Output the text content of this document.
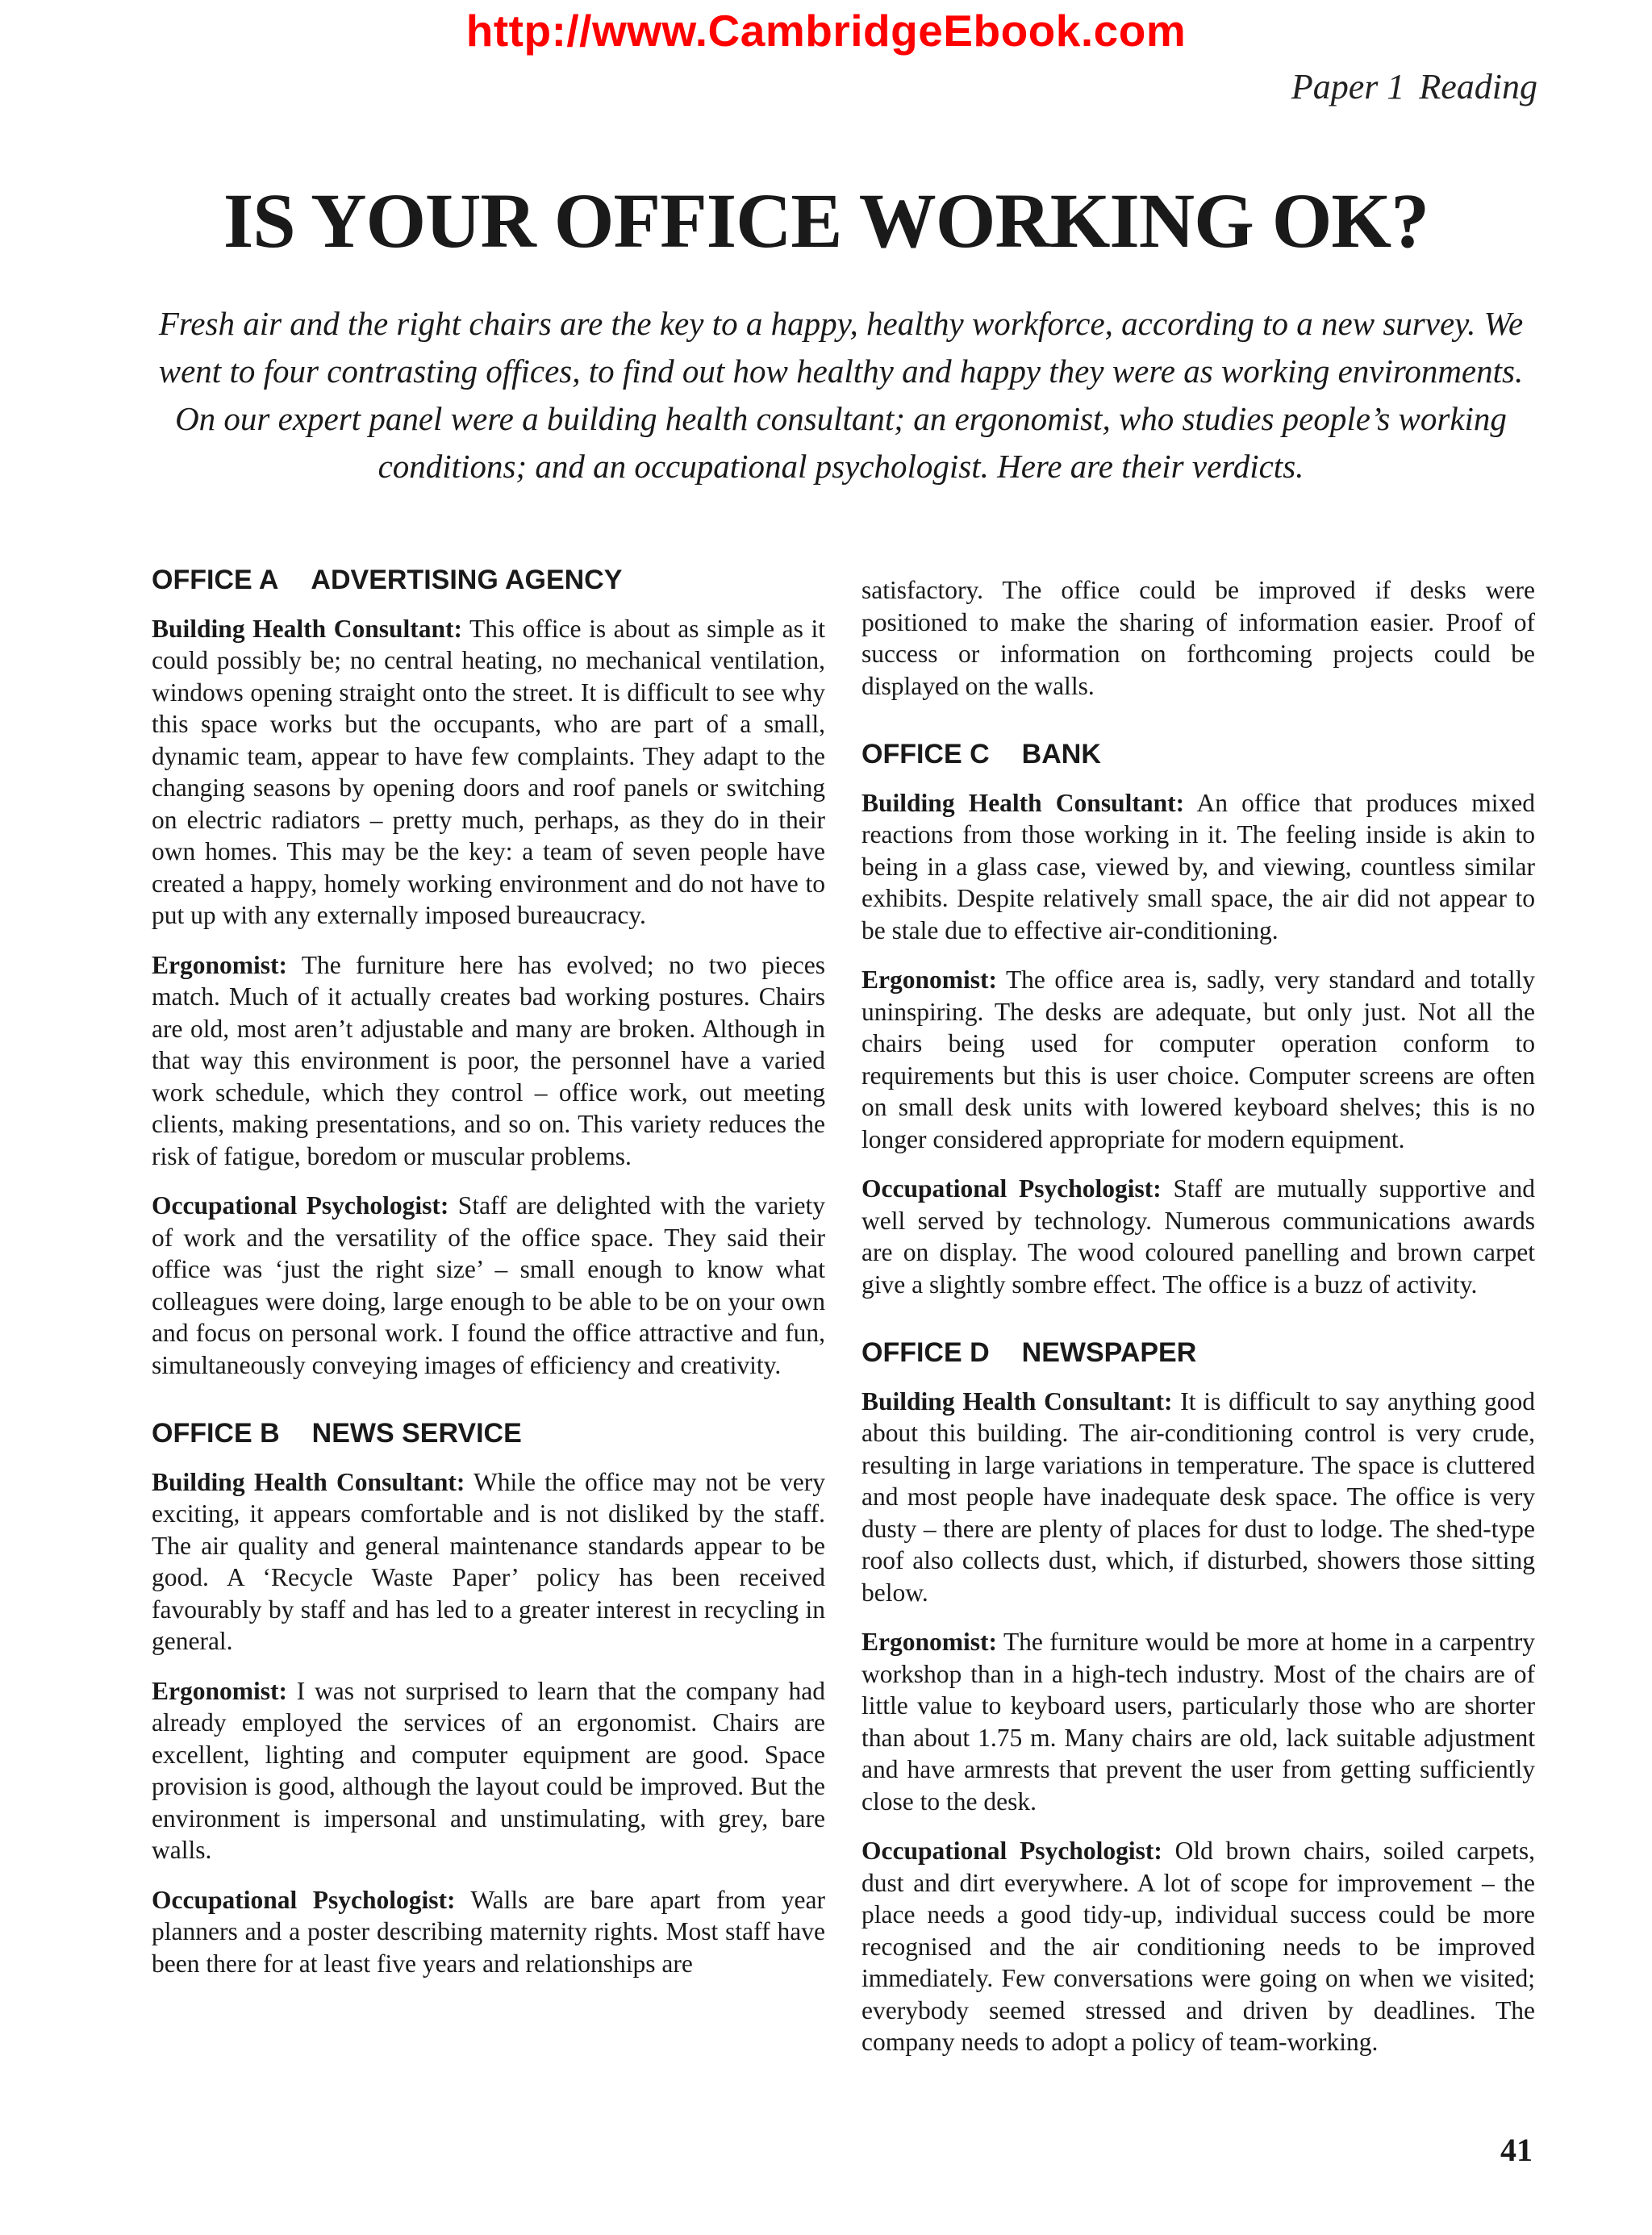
http://www.CambridgeEbook.com
Paper 1 Reading
IS YOUR OFFICE WORKING OK?
Fresh air and the right chairs are the key to a happy, healthy workforce, according to a new survey. We went to four contrasting offices, to find out how healthy and happy they were as working environments. On our expert panel were a building health consultant; an ergonomist, who studies people’s working conditions; and an occupational psychologist. Here are their verdicts.
OFFICE A ADVERTISING AGENCY

Building Health Consultant: This office is about as simple as it could possibly be; no central heating, no mechanical ventilation, windows opening straight onto the street. It is difficult to see why this space works but the occupants, who are part of a small, dynamic team, appear to have few complaints. They adapt to the changing seasons by opening doors and roof panels or switching on electric radiators – pretty much, perhaps, as they do in their own homes. This may be the key: a team of seven people have created a happy, homely working environment and do not have to put up with any externally imposed bureaucracy.

Ergonomist: The furniture here has evolved; no two pieces match. Much of it actually creates bad working postures. Chairs are old, most aren’t adjustable and many are broken. Although in that way this environment is poor, the personnel have a varied work schedule, which they control – office work, out meeting clients, making presentations, and so on. This variety reduces the risk of fatigue, boredom or muscular problems.

Occupational Psychologist: Staff are delighted with the variety of work and the versatility of the office space. They said their office was ‘just the right size’ – small enough to know what colleagues were doing, large enough to be able to be on your own and focus on personal work. I found the office attractive and fun, simultaneously conveying images of efficiency and creativity.

OFFICE B NEWS SERVICE

Building Health Consultant: While the office may not be very exciting, it appears comfortable and is not disliked by the staff. The air quality and general maintenance standards appear to be good. A ‘Recycle Waste Paper’ policy has been received favourably by staff and has led to a greater interest in recycling in general.

Ergonomist: I was not surprised to learn that the company had already employed the services of an ergonomist. Chairs are excellent, lighting and computer equipment are good. Space provision is good, although the layout could be improved. But the environment is impersonal and unstimulating, with grey, bare walls.

Occupational Psychologist: Walls are bare apart from year planners and a poster describing maternity rights. Most staff have been there for at least five years and relationships are

satisfactory. The office could be improved if desks were positioned to make the sharing of information easier. Proof of success or information on forthcoming projects could be displayed on the walls.

OFFICE C BANK

Building Health Consultant: An office that produces mixed reactions from those working in it. The feeling inside is akin to being in a glass case, viewed by, and viewing, countless similar exhibits. Despite relatively small space, the air did not appear to be stale due to effective air-conditioning.

Ergonomist: The office area is, sadly, very standard and totally uninspiring. The desks are adequate, but only just. Not all the chairs being used for computer operation conform to requirements but this is user choice. Computer screens are often on small desk units with lowered keyboard shelves; this is no longer considered appropriate for modern equipment.

Occupational Psychologist: Staff are mutually supportive and well served by technology. Numerous communications awards are on display. The wood coloured panelling and brown carpet give a slightly sombre effect. The office is a buzz of activity.

OFFICE D NEWSPAPER

Building Health Consultant: It is difficult to say anything good about this building. The air-conditioning control is very crude, resulting in large variations in temperature. The space is cluttered and most people have inadequate desk space. The office is very dusty – there are plenty of places for dust to lodge. The shed-type roof also collects dust, which, if disturbed, showers those sitting below.

Ergonomist: The furniture would be more at home in a carpentry workshop than in a high-tech industry. Most of the chairs are of little value to keyboard users, particularly those who are shorter than about 1.75 m. Many chairs are old, lack suitable adjustment and have armrests that prevent the user from getting sufficiently close to the desk.

Occupational Psychologist: Old brown chairs, soiled carpets, dust and dirt everywhere. A lot of scope for improvement – the place needs a good tidy-up, individual success could be more recognised and the air conditioning needs to be improved immediately. Few conversations were going on when we visited; everybody seemed stressed and driven by deadlines. The company needs to adopt a policy of team-working.

41
